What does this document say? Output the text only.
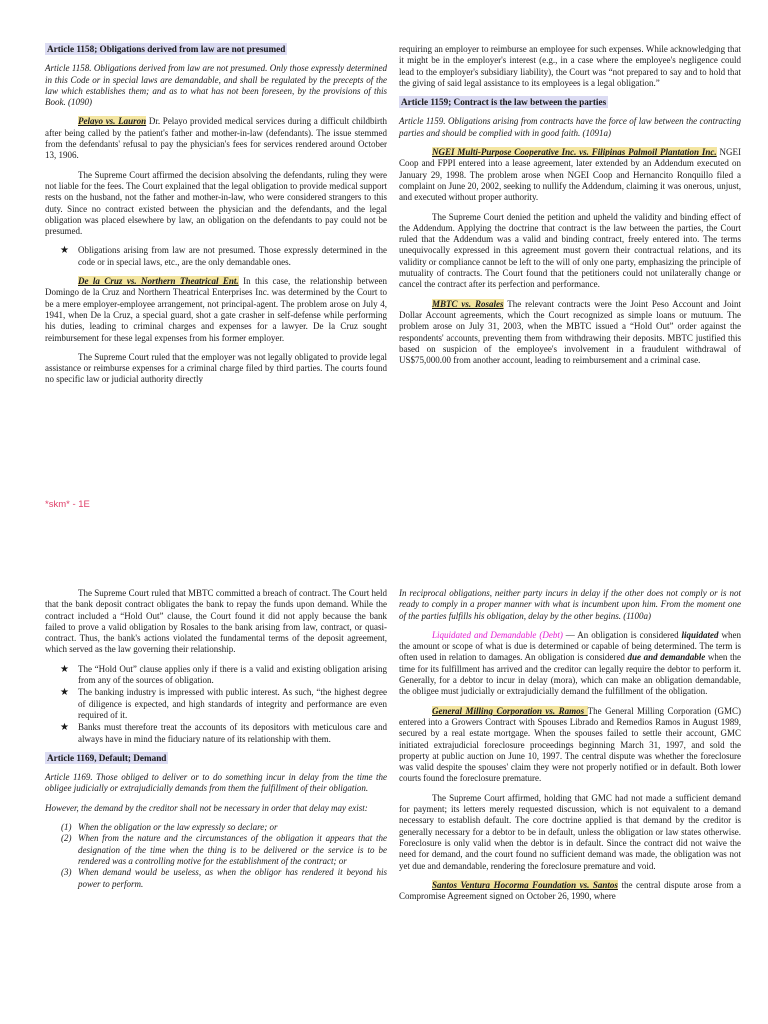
Article 1158; Obligations derived from law are not presumed

Article 1158. Obligations derived from law are not presumed. Only those expressly determined in this Code or in special laws are demandable, and shall be regulated by the precepts of the law which establishes them; and as to what has not been foreseen, by the provisions of this Book. (1090)

Pelayo vs. Lauron Dr. Pelayo provided medical services during a difficult childbirth after being called by the patient's father and mother-in-law (defendants). The issue stemmed from the defendants' refusal to pay the physician's fees for services rendered around October 13, 1906.

The Supreme Court affirmed the decision absolving the defendants, ruling they were not liable for the fees. The Court explained that the legal obligation to provide medical support rests on the husband, not the father and mother-in-law, who were considered strangers to this duty. Since no contract existed between the physician and the defendants, and the legal obligation was placed elsewhere by law, an obligation on the defendants to pay could not be presumed.

★ Obligations arising from law are not presumed. Those expressly determined in the code or in special laws, etc., are the only demandable ones.

De la Cruz vs. Northern Theatrical Ent. In this case, the relationship between Domingo de la Cruz and Northern Theatrical Enterprises Inc. was determined by the Court to be a mere employer-employee arrangement, not principal-agent. The problem arose on July 4, 1941, when De la Cruz, a special guard, shot a gate crasher in self-defense while performing his duties, leading to criminal charges and expenses for a lawyer. De la Cruz sought reimbursement for these legal expenses from his former employer.

The Supreme Court ruled that the employer was not legally obligated to provide legal assistance or reimburse expenses for a criminal charge filed by third parties. The courts found no specific law or judicial authority directly

requiring an employer to reimburse an employee for such expenses. While acknowledging that it might be in the employer's interest (e.g., in a case where the employee's negligence could lead to the employer's subsidiary liability), the Court was “not prepared to say and to hold that the giving of said legal assistance to its employees is a legal obligation.”

Article 1159; Contract is the law between the parties

Article 1159. Obligations arising from contracts have the force of law between the contracting parties and should be complied with in good faith. (1091a)

NGEI Multi-Purpose Cooperative Inc. vs. Filipinas Palmoil Plantation Inc. NGEI Coop and FPPI entered into a lease agreement, later extended by an Addendum executed on January 29, 1998. The problem arose when NGEI Coop and Hernancito Ronquillo filed a complaint on June 20, 2002, seeking to nullify the Addendum, claiming it was onerous, unjust, and executed without proper authority.

The Supreme Court denied the petition and upheld the validity and binding effect of the Addendum. Applying the doctrine that contract is the law between the parties, the Court ruled that the Addendum was a valid and binding contract, freely entered into. The terms unequivocally expressed in this agreement must govern their contractual relations, and its validity or compliance cannot be left to the will of only one party, emphasizing the principle of mutuality of contracts. The Court found that the petitioners could not unilaterally change or cancel the contract after its perfection and performance.

MBTC vs. Rosales The relevant contracts were the Joint Peso Account and Joint Dollar Account agreements, which the Court recognized as simple loans or mutuum. The problem arose on July 31, 2003, when the MBTC issued a “Hold Out” order against the respondents' accounts, preventing them from withdrawing their deposits. MBTC justified this based on suspicion of the employee's involvement in a fraudulent withdrawal of US$75,000.00 from another account, leading to reimbursement and a criminal case.

*skm* - 1E

The Supreme Court ruled that MBTC committed a breach of contract. The Court held that the bank deposit contract obligates the bank to repay the funds upon demand. While the contract included a “Hold Out” clause, the Court found it did not apply because the bank failed to prove a valid obligation by Rosales to the bank arising from law, contract, or quasi-contract. Thus, the bank's actions violated the fundamental terms of the deposit agreement, which served as the law governing their relationship.

★ The “Hold Out” clause applies only if there is a valid and existing obligation arising from any of the sources of obligation.
★ The banking industry is impressed with public interest. As such, “the highest degree of diligence is expected, and high standards of integrity and performance are even required of it.
★ Banks must therefore treat the accounts of its depositors with meticulous care and always have in mind the fiduciary nature of its relationship with them.

Article 1169, Default; Demand

Article 1169. Those obliged to deliver or to do something incur in delay from the time the obligee judicially or extrajudicially demands from them the fulfillment of their obligation.

However, the demand by the creditor shall not be necessary in order that delay may exist:

(1) When the obligation or the law expressly so declare; or
(2) When from the nature and the circumstances of the obligation it appears that the designation of the time when the thing is to be delivered or the service is to be rendered was a controlling motive for the establishment of the contract; or
(3) When demand would be useless, as when the obligor has rendered it beyond his power to perform.

In reciprocal obligations, neither party incurs in delay if the other does not comply or is not ready to comply in a proper manner with what is incumbent upon him. From the moment one of the parties fulfills his obligation, delay by the other begins. (1100a)

Liquidated and Demandable (Debt) — An obligation is considered liquidated when the amount or scope of what is due is determined or capable of being determined. The term is often used in relation to damages. An obligation is considered due and demandable when the time for its fulfillment has arrived and the creditor can legally require the debtor to perform it. Generally, for a debtor to incur in delay (mora), which can make an obligation demandable, the obligee must judicially or extrajudicially demand the fulfillment of the obligation.

General Milling Corporation vs. Ramos The General Milling Corporation (GMC) entered into a Growers Contract with Spouses Librado and Remedios Ramos in August 1989, secured by a real estate mortgage. When the spouses failed to settle their account, GMC initiated extrajudicial foreclosure proceedings beginning March 31, 1997, and sold the property at public auction on June 10, 1997. The central dispute was whether the foreclosure was valid despite the spouses' claim they were not properly notified or in default. Both lower courts found the foreclosure premature.

The Supreme Court affirmed, holding that GMC had not made a sufficient demand for payment; its letters merely requested discussion, which is not equivalent to a demand necessary to establish default. The core doctrine applied is that demand by the creditor is generally necessary for a debtor to be in default, unless the obligation or law states otherwise. Foreclosure is only valid when the debtor is in default. Since the contract did not waive the need for demand, and the court found no sufficient demand was made, the obligation was not yet due and demandable, rendering the foreclosure premature and void.

Santos Ventura Hocorma Foundation vs. Santos the central dispute arose from a Compromise Agreement signed on October 26, 1990, where
